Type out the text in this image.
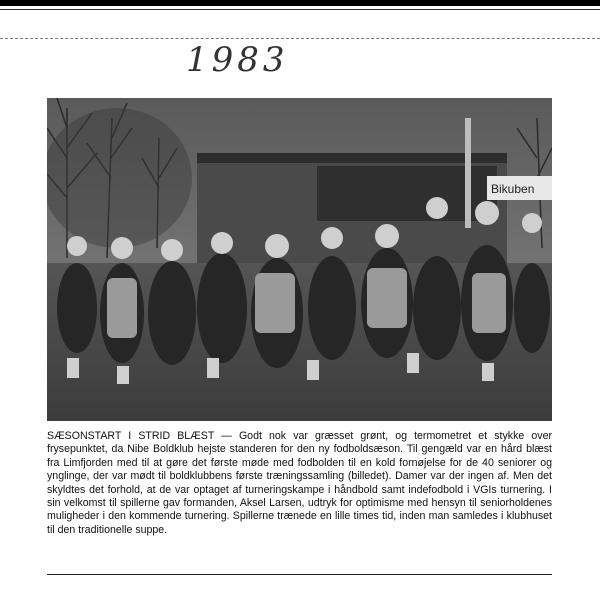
1983
Bikuben
SÆSONSTART I STRID BLÆST — Godt nok var græsset grønt, og termometret et stykke over frysepunktet, da Nibe Boldklub hejste standeren for den ny fodboldsæson. Til gengæld var en hård blæst fra Limfjorden med til at gøre det første møde med fodbolden til en kold fornøjelse for de 40 seniorer og ynglinge, der var mødt til boldklubbens første træningssamling (billedet). Damer var der ingen af. Men det skyldtes det forhold, at de var optaget af turneringskampe i håndbold samt indefodbold i VGIs turnering. I sin velkomst til spillerne gav formanden, Aksel Larsen, udtryk for optimisme med hensyn til seniorholdenes muligheder i den kommende turnering. Spillerne trænede en lille times tid, inden man samledes i klubhuset til den traditionelle suppe.
